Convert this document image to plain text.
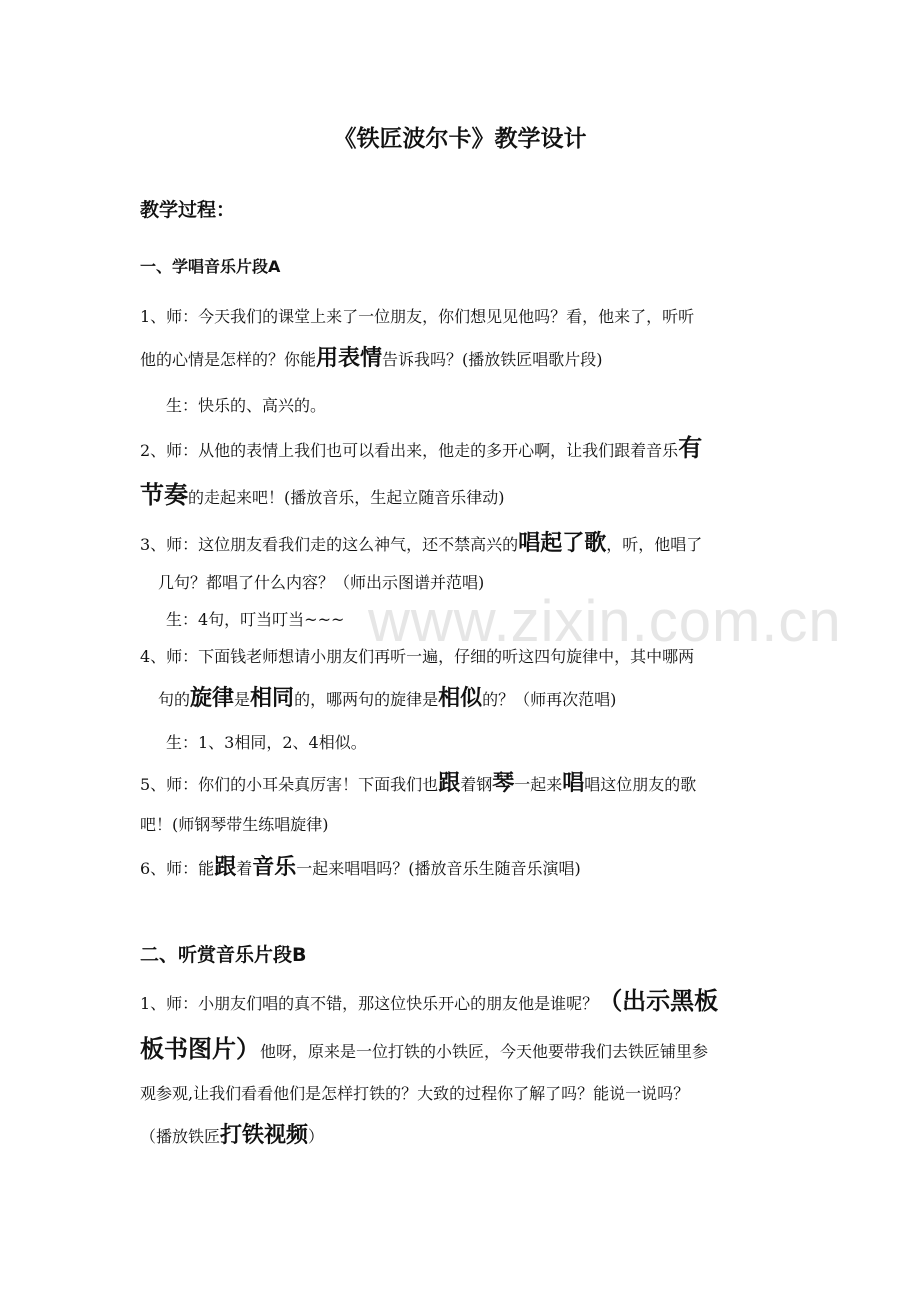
www.zixin.com.cn
《铁匠波尔卡》教学设计
教学过程：
一、学唱音乐片段A
1、师：今天我们的课堂上来了一位朋友，你们想见见他吗？看，他来了，听听
他的心情是怎样的？你能用表情告诉我吗？(播放铁匠唱歌片段)
生：快乐的、高兴的。
2、师：从他的表情上我们也可以看出来，他走的多开心啊，让我们跟着音乐有
节奏的走起来吧！(播放音乐，生起立随音乐律动)
3、师：这位朋友看我们走的这么神气，还不禁高兴的唱起了歌，听，他唱了
几句？都唱了什么内容？（师出示图谱并范唱)
生：4句，叮当叮当~~~
4、师：下面钱老师想请小朋友们再听一遍，仔细的听这四句旋律中，其中哪两
句的旋律是相同的，哪两句的旋律是相似的？（师再次范唱)
生：1、3相同，2、4相似。
5、师：你们的小耳朵真厉害！下面我们也跟着钢琴一起来唱唱这位朋友的歌
吧！(师钢琴带生练唱旋律)
6、师：能跟着音乐一起来唱唱吗？(播放音乐生随音乐演唱)
二、听赏音乐片段B
1、师：小朋友们唱的真不错，那这位快乐开心的朋友他是谁呢？（出示黑板
板书图片）他呀，原来是一位打铁的小铁匠，今天他要带我们去铁匠铺里参
观参观,让我们看看他们是怎样打铁的？大致的过程你了解了吗？能说一说吗？
（播放铁匠打铁视频）
